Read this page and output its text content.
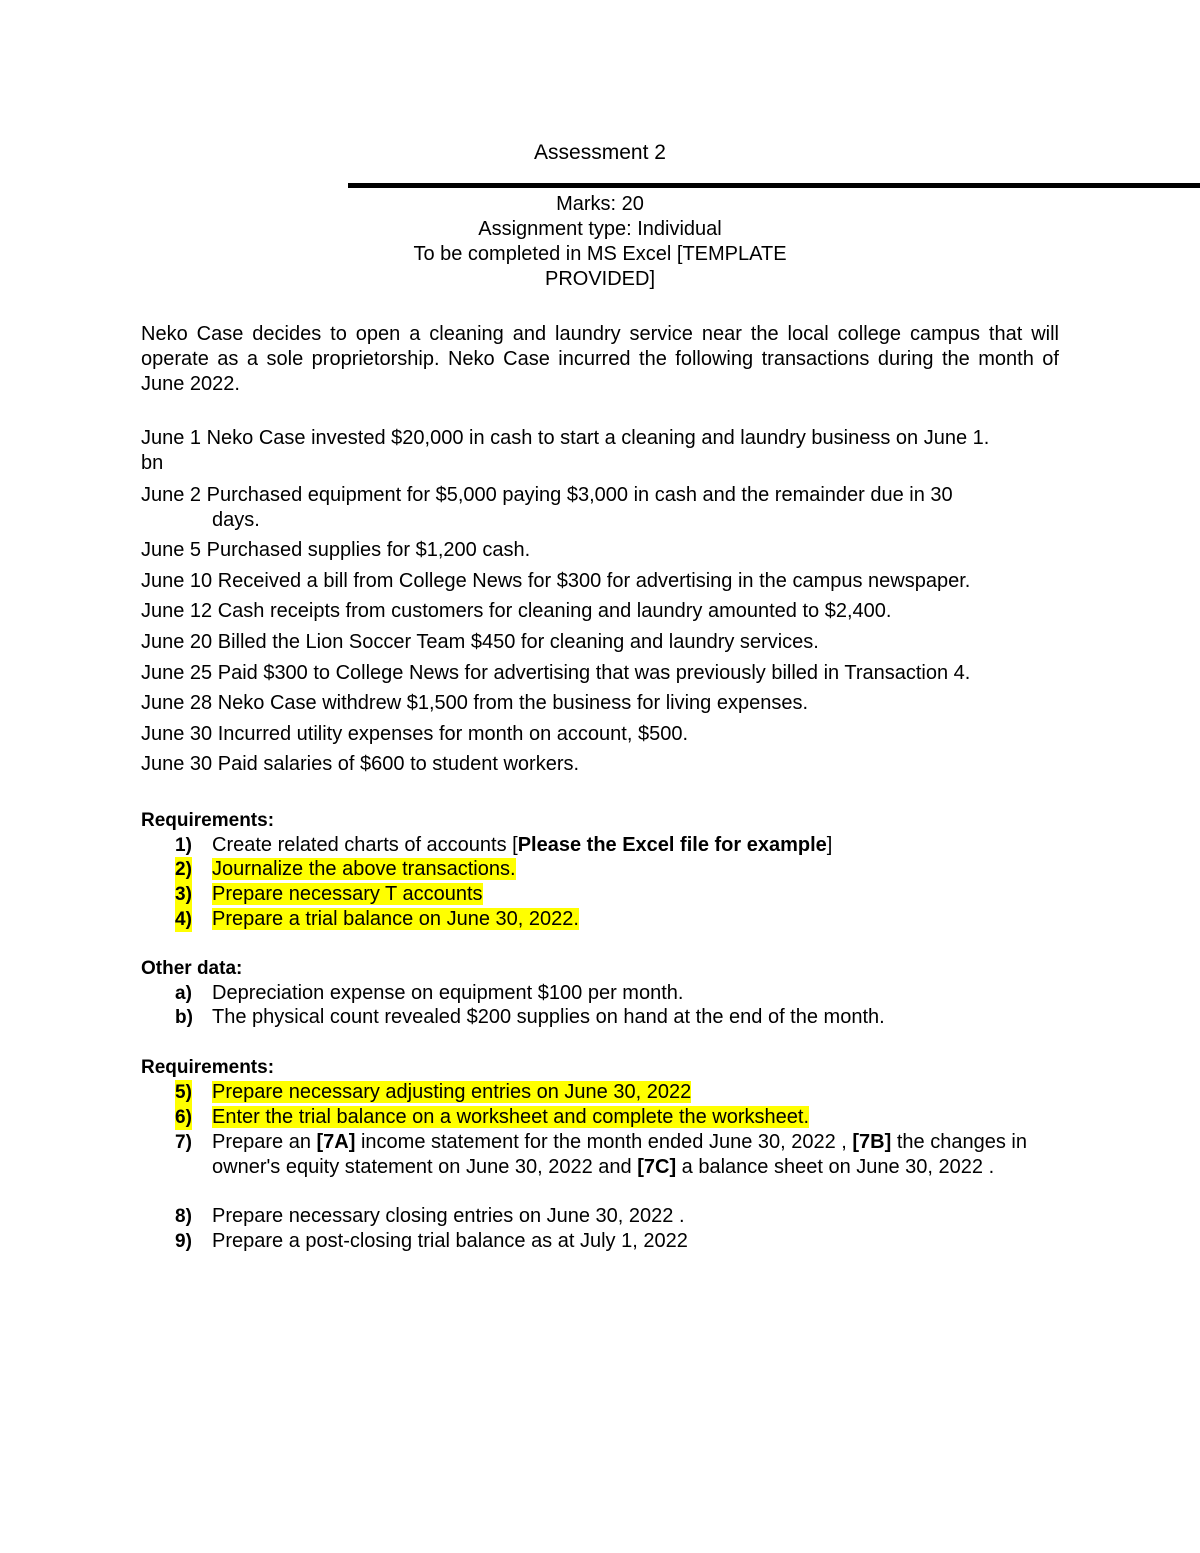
Assessment 2
Marks: 20
Assignment type: Individual
To be completed in MS Excel [TEMPLATE
PROVIDED]
Neko Case decides to open a cleaning and laundry service near the local college campus that will operate as a sole proprietorship. Neko Case incurred the following transactions during the month of June 2022.
June 1 Neko Case invested $20,000 in cash to start a cleaning and laundry business on June 1.
bn
June 2 Purchased equipment for $5,000 paying $3,000 in cash and the remainder due in 30
days.
June 5 Purchased supplies for $1,200 cash.
June 10 Received a bill from College News for $300 for advertising in the campus newspaper.
June 12 Cash receipts from customers for cleaning and laundry amounted to $2,400.
June 20 Billed the Lion Soccer Team $450 for cleaning and laundry services.
June 25 Paid $300 to College News for advertising that was previously billed in Transaction 4.
June 28 Neko Case withdrew $1,500 from the business for living expenses.
June 30 Incurred utility expenses for month on account, $500.
June 30 Paid salaries of $600 to student workers.
Requirements:
1)	Create related charts of accounts [Please the Excel file for example]
2)	Journalize the above transactions.
3)	Prepare necessary T accounts
4)	Prepare a trial balance on June 30, 2022.
Other data:
a)	Depreciation expense on equipment $100 per month.
b) The physical count revealed $200 supplies on hand at the end of the month.
Requirements:
5)	Prepare necessary adjusting entries on June 30, 2022
6)	Enter the trial balance on a worksheet and complete the worksheet.
7)	Prepare an [7A] income statement for the month ended June 30, 2022 , [7B] the changes in owner's equity statement on June 30, 2022 and [7C] a balance sheet on June 30, 2022 .
8)	Prepare necessary closing entries on June 30, 2022 .
9)	Prepare a post-closing trial balance as at July 1, 2022
